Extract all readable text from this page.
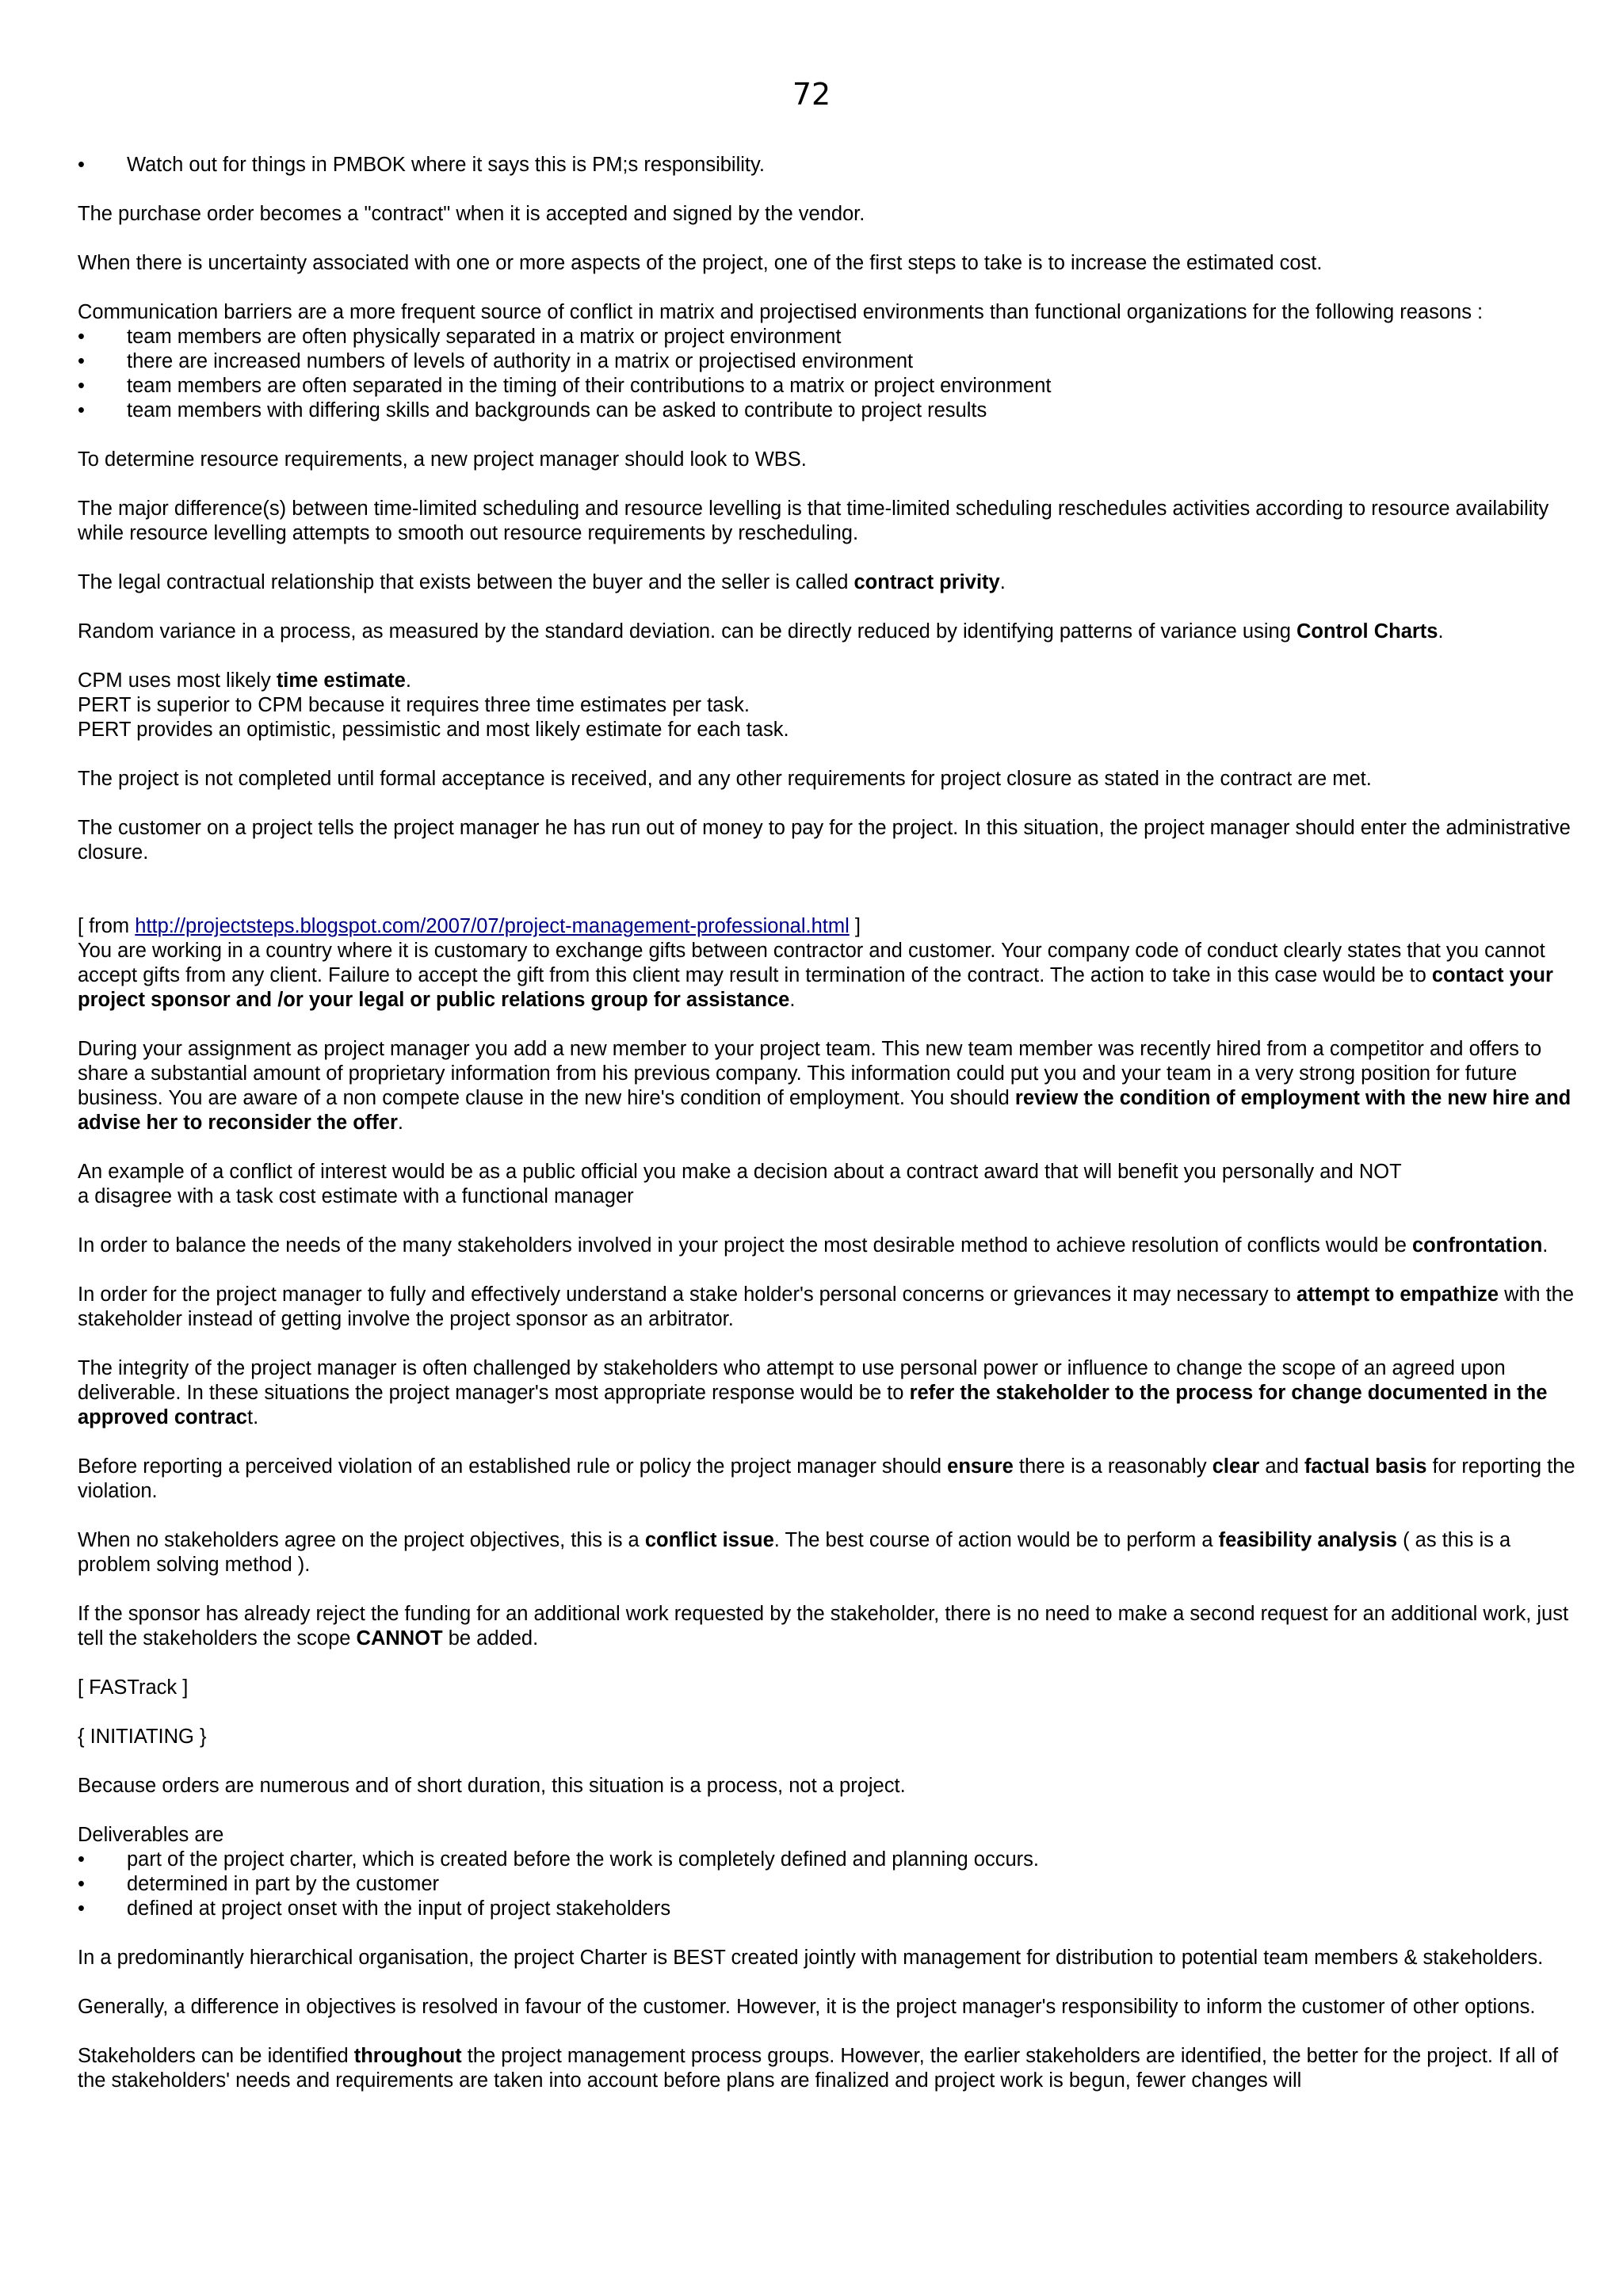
72
• Watch out for things in PMBOK where it says this is PM;s responsibility.

The purchase order becomes a "contract" when it is accepted and signed by the vendor.

When there is uncertainty associated with one or more aspects of the project, one of the first steps to take is to increase the estimated cost.

Communication barriers are a more frequent source of conflict in matrix and projectised environments than functional organizations for the following reasons :

• team members are often physically separated in a matrix or project environment
• there are increased numbers of levels of authority in a matrix or projectised environment
• team members are often separated in the timing of their contributions to a matrix or project environment
• team members with differing skills and backgrounds can be asked to contribute to project results

To determine resource requirements, a new project manager should look to WBS.

The major difference(s) between time-limited scheduling and resource levelling is that time-limited scheduling reschedules activities according to resource availability while resource levelling attempts to smooth out resource requirements by rescheduling.

The legal contractual relationship that exists between the buyer and the seller is called contract privity.

Random variance in a process, as measured by the standard deviation. can be directly reduced by identifying patterns of variance using Control Charts.

CPM uses most likely time estimate.
PERT is superior to CPM because it requires three time estimates per task.
PERT provides an optimistic, pessimistic and most likely estimate for each task.

The project is not completed until formal acceptance is received, and any other requirements for project closure as stated in the contract are met.

The customer on a project tells the project manager he has run out of money to pay for the project. In this situation, the project manager should enter the administrative closure.

[ from http://projectsteps.blogspot.com/2007/07/project-management-professional.html ]

You are working in a country where it is customary to exchange gifts between contractor and customer. Your company code of conduct clearly states that you cannot accept gifts from any client. Failure to accept the gift from this client may result in termination of the contract. The action to take in this case would be to contact your project sponsor and /or your legal or public relations group for assistance.

During your assignment as project manager you add a new member to your project team. This new team member was recently hired from a competitor and offers to share a substantial amount of proprietary information from his previous company. This information could put you and your team in a very strong position for future business. You are aware of a non compete clause in the new hire's condition of employment. You should review the condition of employment with the new hire and advise her to reconsider the offer.

An example of a conflict of interest would be as a public official you make a decision about a contract award that will benefit you personally and NOT
a disagree with a task cost estimate with a functional manager

In order to balance the needs of the many stakeholders involved in your project the most desirable method to achieve resolution of conflicts would be confrontation.

In order for the project manager to fully and effectively understand a stake holder's personal concerns or grievances it may necessary to attempt to empathize with the stakeholder instead of getting involve the project sponsor as an arbitrator.

The integrity of the project manager is often challenged by stakeholders who attempt to use personal power or influence to change the scope of an agreed upon deliverable. In these situations the project manager's most appropriate response would be to refer the stakeholder to the process for change documented in the approved contract.

Before reporting a perceived violation of an established rule or policy the project manager should ensure there is a reasonably clear and factual basis for reporting the violation.

When no stakeholders agree on the project objectives, this is a conflict issue. The best course of action would be to perform a feasibility analysis ( as this is a problem solving method ).

If the sponsor has already reject the funding for an additional work requested by the stakeholder, there is no need to make a second request for an additional work, just tell the stakeholders the scope CANNOT be added.

[ FASTrack ]

{ INITIATING }

Because orders are numerous and of short duration, this situation is a process, not a project.

Deliverables are

• part of the project charter, which is created before the work is completely defined and planning occurs.
• determined in part by the customer
• defined at project onset with the input of project stakeholders

In a predominantly hierarchical organisation, the project Charter is BEST created jointly with management for distribution to potential team members & stakeholders.

Generally, a difference in objectives is resolved in favour of the customer. However, it is the project manager's responsibility to inform the customer of other options.

Stakeholders can be identified throughout the project management process groups. However, the earlier stakeholders are identified, the better for the project. If all of the stakeholders' needs and requirements are taken into account before plans are finalized and project work is begun, fewer changes will
